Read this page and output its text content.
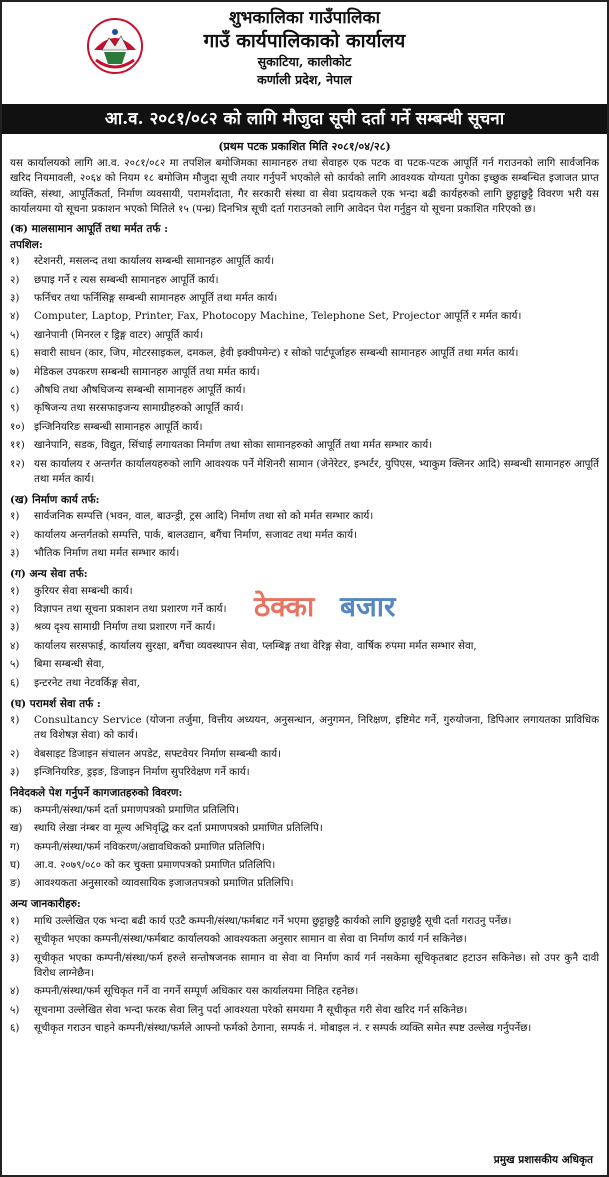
शुभकालिका गाउँपालिका
गाउँ कार्यपालिकाको कार्यालय
सुकाटिया, कालीकोट
कर्णाली प्रदेश, नेपाल
आ.व. २०८१/०८२ को लागि मौजुदा सूची दर्ता गर्ने सम्बन्धी सूचना
(प्रथम पटक प्रकाशित मिति २०८१/०४/२८)

यस कार्यालयको लागि आ.व. २०८१/०८२ मा तपशिल बमोजिमका सामानहरु तथा सेवाहरु एक पटक वा पटक-पटक आपूर्ति गर्न गराउनको लागि सार्वजनिक खरिद नियमावली, २०६४ को नियम १८ बमोजिम मौजुदा सूची तयार गर्नुपर्ने भएकोले सो कार्यको लागि आवश्यक योग्यता पुगेका इच्छुक सम्बन्धित इजाजत प्राप्त व्यक्ति, संस्था, आपूर्तिकर्ता, निर्माण व्यवसायी, परामर्शदाता, गैर सरकारी संस्था वा सेवा प्रदायकले एक भन्दा बढी कार्यहरुको लागि छुट्टाछुट्टै विवरण भरी यस कार्यालयमा यो सूचना प्रकाशन भएको मितिले १५ (पन्ध्र) दिनभित्र सूची दर्ता गराउनको लागि आवेदन पेश गर्नुहुन यो सूचना प्रकाशित गरिएको छ।

(क) मालसामान आपूर्ति तथा मर्मत तर्फ :
तपशिल:
१)	स्टेशनरी, मसलन्द तथा कार्यालय सम्बन्धी सामानहरु आपूर्ति कार्य।
२)	छपाइ गर्ने र त्यस सम्बन्धी सामानहरु आपूर्ति कार्य।
३)	फर्निचर तथा फर्निसिङ्ग सम्बन्धी सामानहरु आपूर्ति तथा मर्मत कार्य।
४)	Computer, Laptop, Printer, Fax, Photocopy Machine, Telephone Set, Projector आपूर्ति र मर्मत कार्य।
५)	खानेपानी (मिनरल र ड्रिङ्ग वाटर) आपूर्ति कार्य।
६)	सवारी साधन (कार, जिप, मोटरसाइकल, दमकल, हेवी इक्वीपमेन्ट) र सोको पार्टपूर्जाहरु सम्बन्धी सामानहरु आपूर्ति तथा मर्मत कार्य।
७)	मेडिकल उपकरण सम्बन्धी सामानहरु आपूर्ति तथा मर्मत कार्य।
८)	औषधि तथा औषधिजन्य सम्बन्धी सामानहरु आपूर्ति कार्य।
९)	कृषिजन्य तथा सरसफाइजन्य सामाग्रीहरुको आपूर्ति कार्य।
१०) इन्जिनियरिङ सम्बन्धी सामानहरु आपूर्ति कार्य।
११) खानेपानि, सडक, विद्युत, सिंचाई लगायतका निर्माण तथा सोका सामानहरुको आपूर्ति तथा मर्मत सम्भार कार्य।
१२) यस कार्यालय र अन्तर्गत कार्यालयहरुको लागि आवश्यक पर्ने मेशिनरी सामान (जेनेरेटर, इन्भर्टर, युपिएस, भ्याकुम क्लिनर आदि) सम्बन्धी सामानहरु आपूर्ति तथा मर्मत कार्य।
(ख) निर्माण कार्य तर्फ:
१)	सार्वजनिक सम्पत्ति (भवन, वाल, बाउन्ड्री, ट्रस आदि) निर्माण तथा सो को मर्मत सम्भार कार्य।
२)	कार्यालय अन्तर्गतको सम्पत्ति, पार्क, बालउद्यान, बगैंचा निर्माण, सजावट तथा मर्मत कार्य।
३)	भौतिक निर्माण तथा मर्मत सम्भार कार्य।
(ग) अन्य सेवा तर्फ:
१)	कुरियर सेवा सम्बन्धी कार्य।
२)	विज्ञापन तथा सूचना प्रकाशन तथा प्रशारण गर्ने कार्य।
३)	श्रव्य दृश्य सामाग्री निर्माण तथा प्रशारण गर्ने कार्य।
४)	कार्यालय सरसफाई, कार्यालय सुरक्षा, बगैंचा व्यवस्थापन सेवा, प्लम्बिङ्ग तथा वेरिङ्ग सेवा, वार्षिक रुपमा मर्मत सम्भार सेवा,
५)	बिमा सम्बन्धी सेवा,
६)	इन्टरनेट तथा नेटवर्किङ्ग सेवा,
(घ) परामर्श सेवा तर्फ :
१)	Consultancy Service (योजना तर्जुमा, वित्तीय अध्ययन, अनुसन्धान, अनुगमन, निरिक्षण, इष्टिमेट गर्ने, गुरुयोजना, डिपिआर लगायतका प्राविधिक तथ विशेषज्ञ सेवा) को कार्य।
२)	वेबसाइट डिजाइन संचालन अपडेट, सफ्टवेयर निर्माण सम्बन्धी कार्य।
३)	इन्जिनियरिङ, ड्रइङ, डिजाइन निर्माण सुपरिवेक्षण गर्ने कार्य।
निवेदकले पेश गर्नुपर्ने कागजातहरुको विवरण:
क)	कम्पनी/संस्था/फर्म दर्ता प्रमाणपत्रको प्रमाणित प्रतिलिपि।
ख)	स्थायि लेखा नंम्बर वा मूल्य अभिवृद्धि कर दर्ता प्रमाणपत्रको प्रमाणित प्रतिलिपि।
ग)	कम्पनी/संस्था/फर्म नविकरण/अद्यावधिकको प्रमाणित प्रतिलिपि।
घ)	आ.व. २०७९/०८० को कर चुक्ता प्रमाणपत्रको प्रमाणित प्रतिलिपि।
ङ)	आवश्यकता अनुसारको व्यावसायिक इजाजतपत्रको प्रमाणित प्रतिलिपि।
अन्य जानकारीहरु:
१)	माथि उल्लेखित एक भन्दा बढी कार्य एउटै कम्पनी/संस्था/फर्मबाट गर्ने भएमा छुट्टाछुट्टै कार्यको लागि छुट्टाछुट्टै सूची दर्ता गराउनु पर्नेछ।
२)	सूचीकृत भएका कम्पनी/संस्था/फर्मबाट कार्यालयको आवश्यकता अनुसार सामान वा सेवा वा निर्माण कार्य गर्न सकिनेछ।
३)	सूचीकृत भएका कम्पनी/संस्था/फर्म हरुले सन्तोषजनक सामान वा सेवा वा निर्माण कार्य गर्न नसकेमा सूचिकृतबाट हटाउन सकिनेछ। सो उपर कुनै दावी विरोध लाग्नेछैन।
४)	कम्पनी/संस्था/फर्म सूचिकृत गर्ने वा नगर्ने सम्पूर्ण अधिकार यस कार्यालयमा निहित रहनेछ।
५)	सूचनामा उल्लेखित सेवा भन्दा फरक सेवा लिनु पर्दा आवश्यता परेको समयमा नै सूचीकृत गरी सेवा खरिद गर्न सकिनेछ।
६)	सूचीकृत गराउन चाहने कम्पनी/संस्था/फर्मले आफ्नो फर्मको ठेगाना, सम्पर्क नं. मोबाइल नं. र सम्पर्क व्यक्ति समेत स्पष्ट उल्लेख गर्नुपर्नेछ।
प्रमुख प्रशासकीय अधिकृत
ठेक्का बजार
